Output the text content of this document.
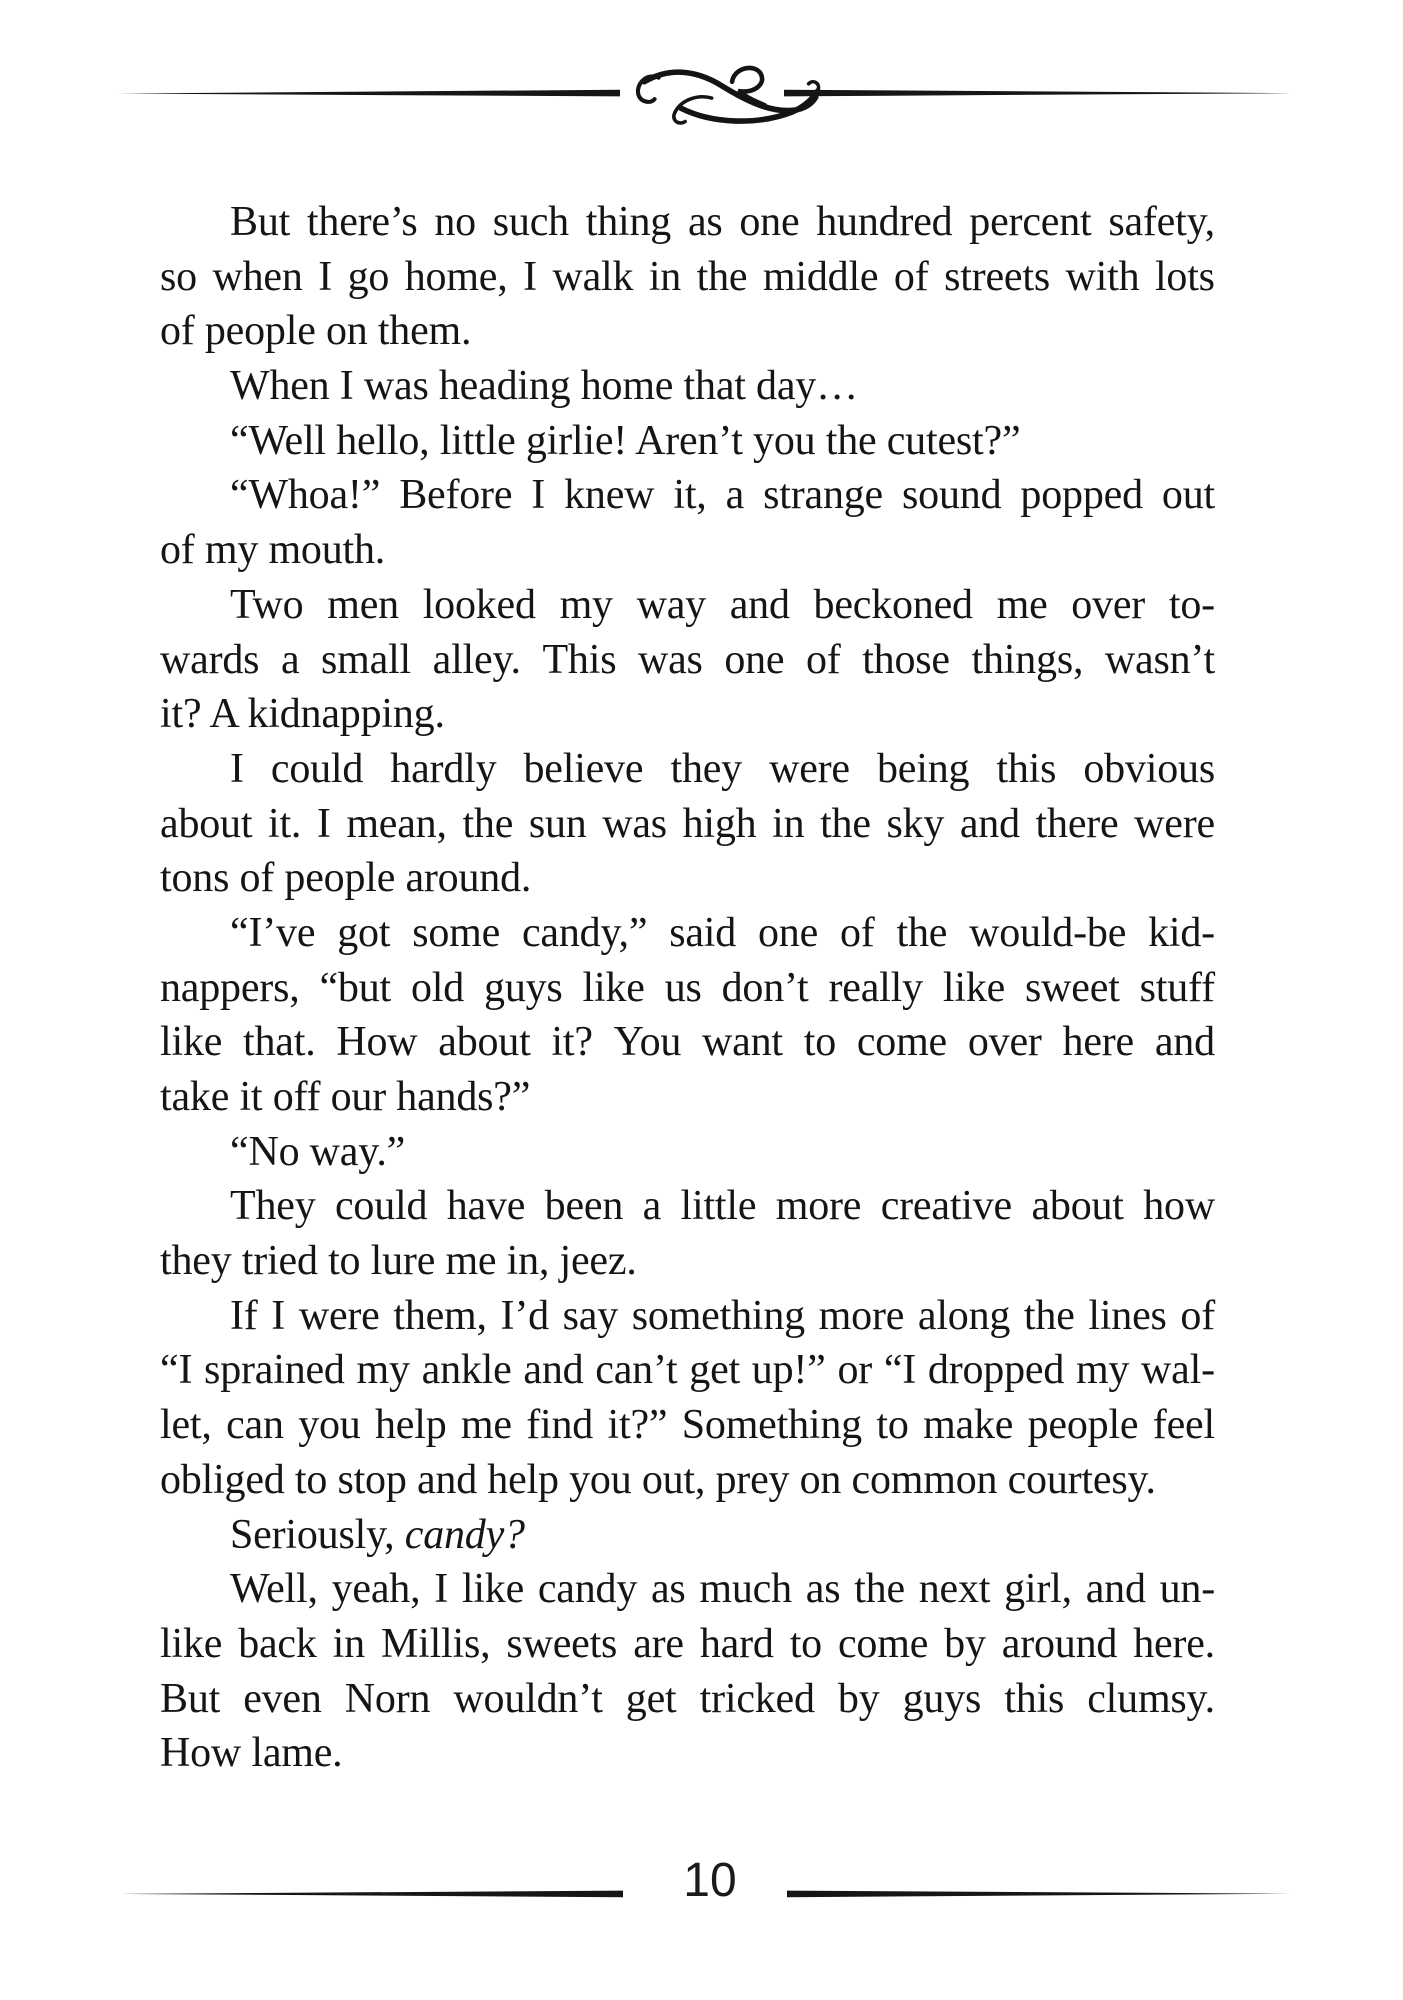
But there’s no such thing as one hundred percent safety,
so when I go home, I walk in the middle of streets with lots
of people on them.
When I was heading home that day…
“Well hello, little girlie! Aren’t you the cutest?”
“Whoa!” Before I knew it, a strange sound popped out
of my mouth.
Two men looked my way and beckoned me over to-
wards a small alley. This was one of those things, wasn’t
it? A kidnapping.
I could hardly believe they were being this obvious
about it. I mean, the sun was high in the sky and there were
tons of people around.
“I’ve got some candy,” said one of the would-be kid-
nappers, “but old guys like us don’t really like sweet stuff
like that. How about it? You want to come over here and
take it off our hands?”
“No way.”
They could have been a little more creative about how
they tried to lure me in, jeez.
If I were them, I’d say something more along the lines of
“I sprained my ankle and can’t get up!” or “I dropped my wal-
let, can you help me find it?” Something to make people feel
obliged to stop and help you out, prey on common courtesy.
Seriously, candy?
Well, yeah, I like candy as much as the next girl, and un-
like back in Millis, sweets are hard to come by around here.
But even Norn wouldn’t get tricked by guys this clumsy.
How lame.
10
